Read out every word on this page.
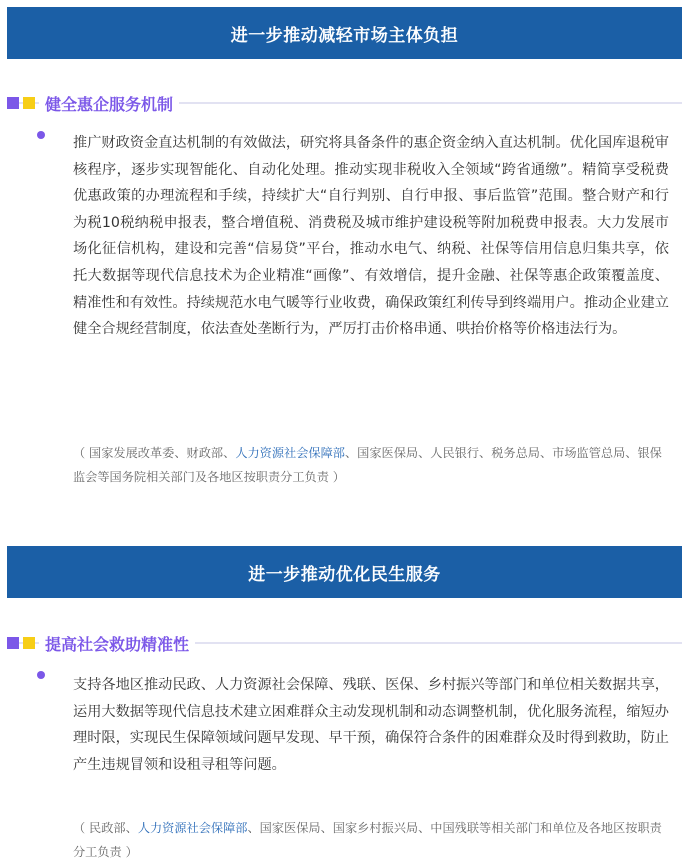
进一步推动减轻市场主体负担
健全惠企服务机制

推广财政资金直达机制的有效做法，研究将具备条件的惠企资金纳入直达机制。优化国库退税审核程序，逐步实现智能化、自动化处理。推动实现非税收入全领域“跨省通缴”。精简享受税费优惠政策的办理流程和手续，持续扩大“自行判别、自行申报、事后监管”范围。整合财产和行为税10税纳税申报表，整合增值税、消费税及城市维护建设税等附加税费申报表。大力发展市场化征信机构，建设和完善“信易贷”平台，推动水电气、纳税、社保等信用信息归集共享，依托大数据等现代信息技术为企业精准“画像”、有效增信，提升金融、社保等惠企政策覆盖度、精准性和有效性。持续规范水电气暖等行业收费，确保政策红利传导到终端用户。推动企业建立健全合规经营制度，依法查处垄断行为，严厉打击价格串通、哄抬价格等价格违法行为。

（ 国家发展改革委、财政部、人力资源社会保障部、国家医保局、人民银行、税务总局、市场监管总局、银保监会等国务院相关部门及各地区按职责分工负责 ）

进一步推动优化民生服务
提高社会救助精准性

支持各地区推动民政、人力资源社会保障、残联、医保、乡村振兴等部门和单位相关数据共享，运用大数据等现代信息技术建立困难群众主动发现机制和动态调整机制，优化服务流程，缩短办理时限，实现民生保障领域问题早发现、早干预，确保符合条件的困难群众及时得到救助，防止产生违规冒领和设租寻租等问题。

（ 民政部、人力资源社会保障部、国家医保局、国家乡村振兴局、中国残联等相关部门和单位及各地区按职责分工负责 ）
